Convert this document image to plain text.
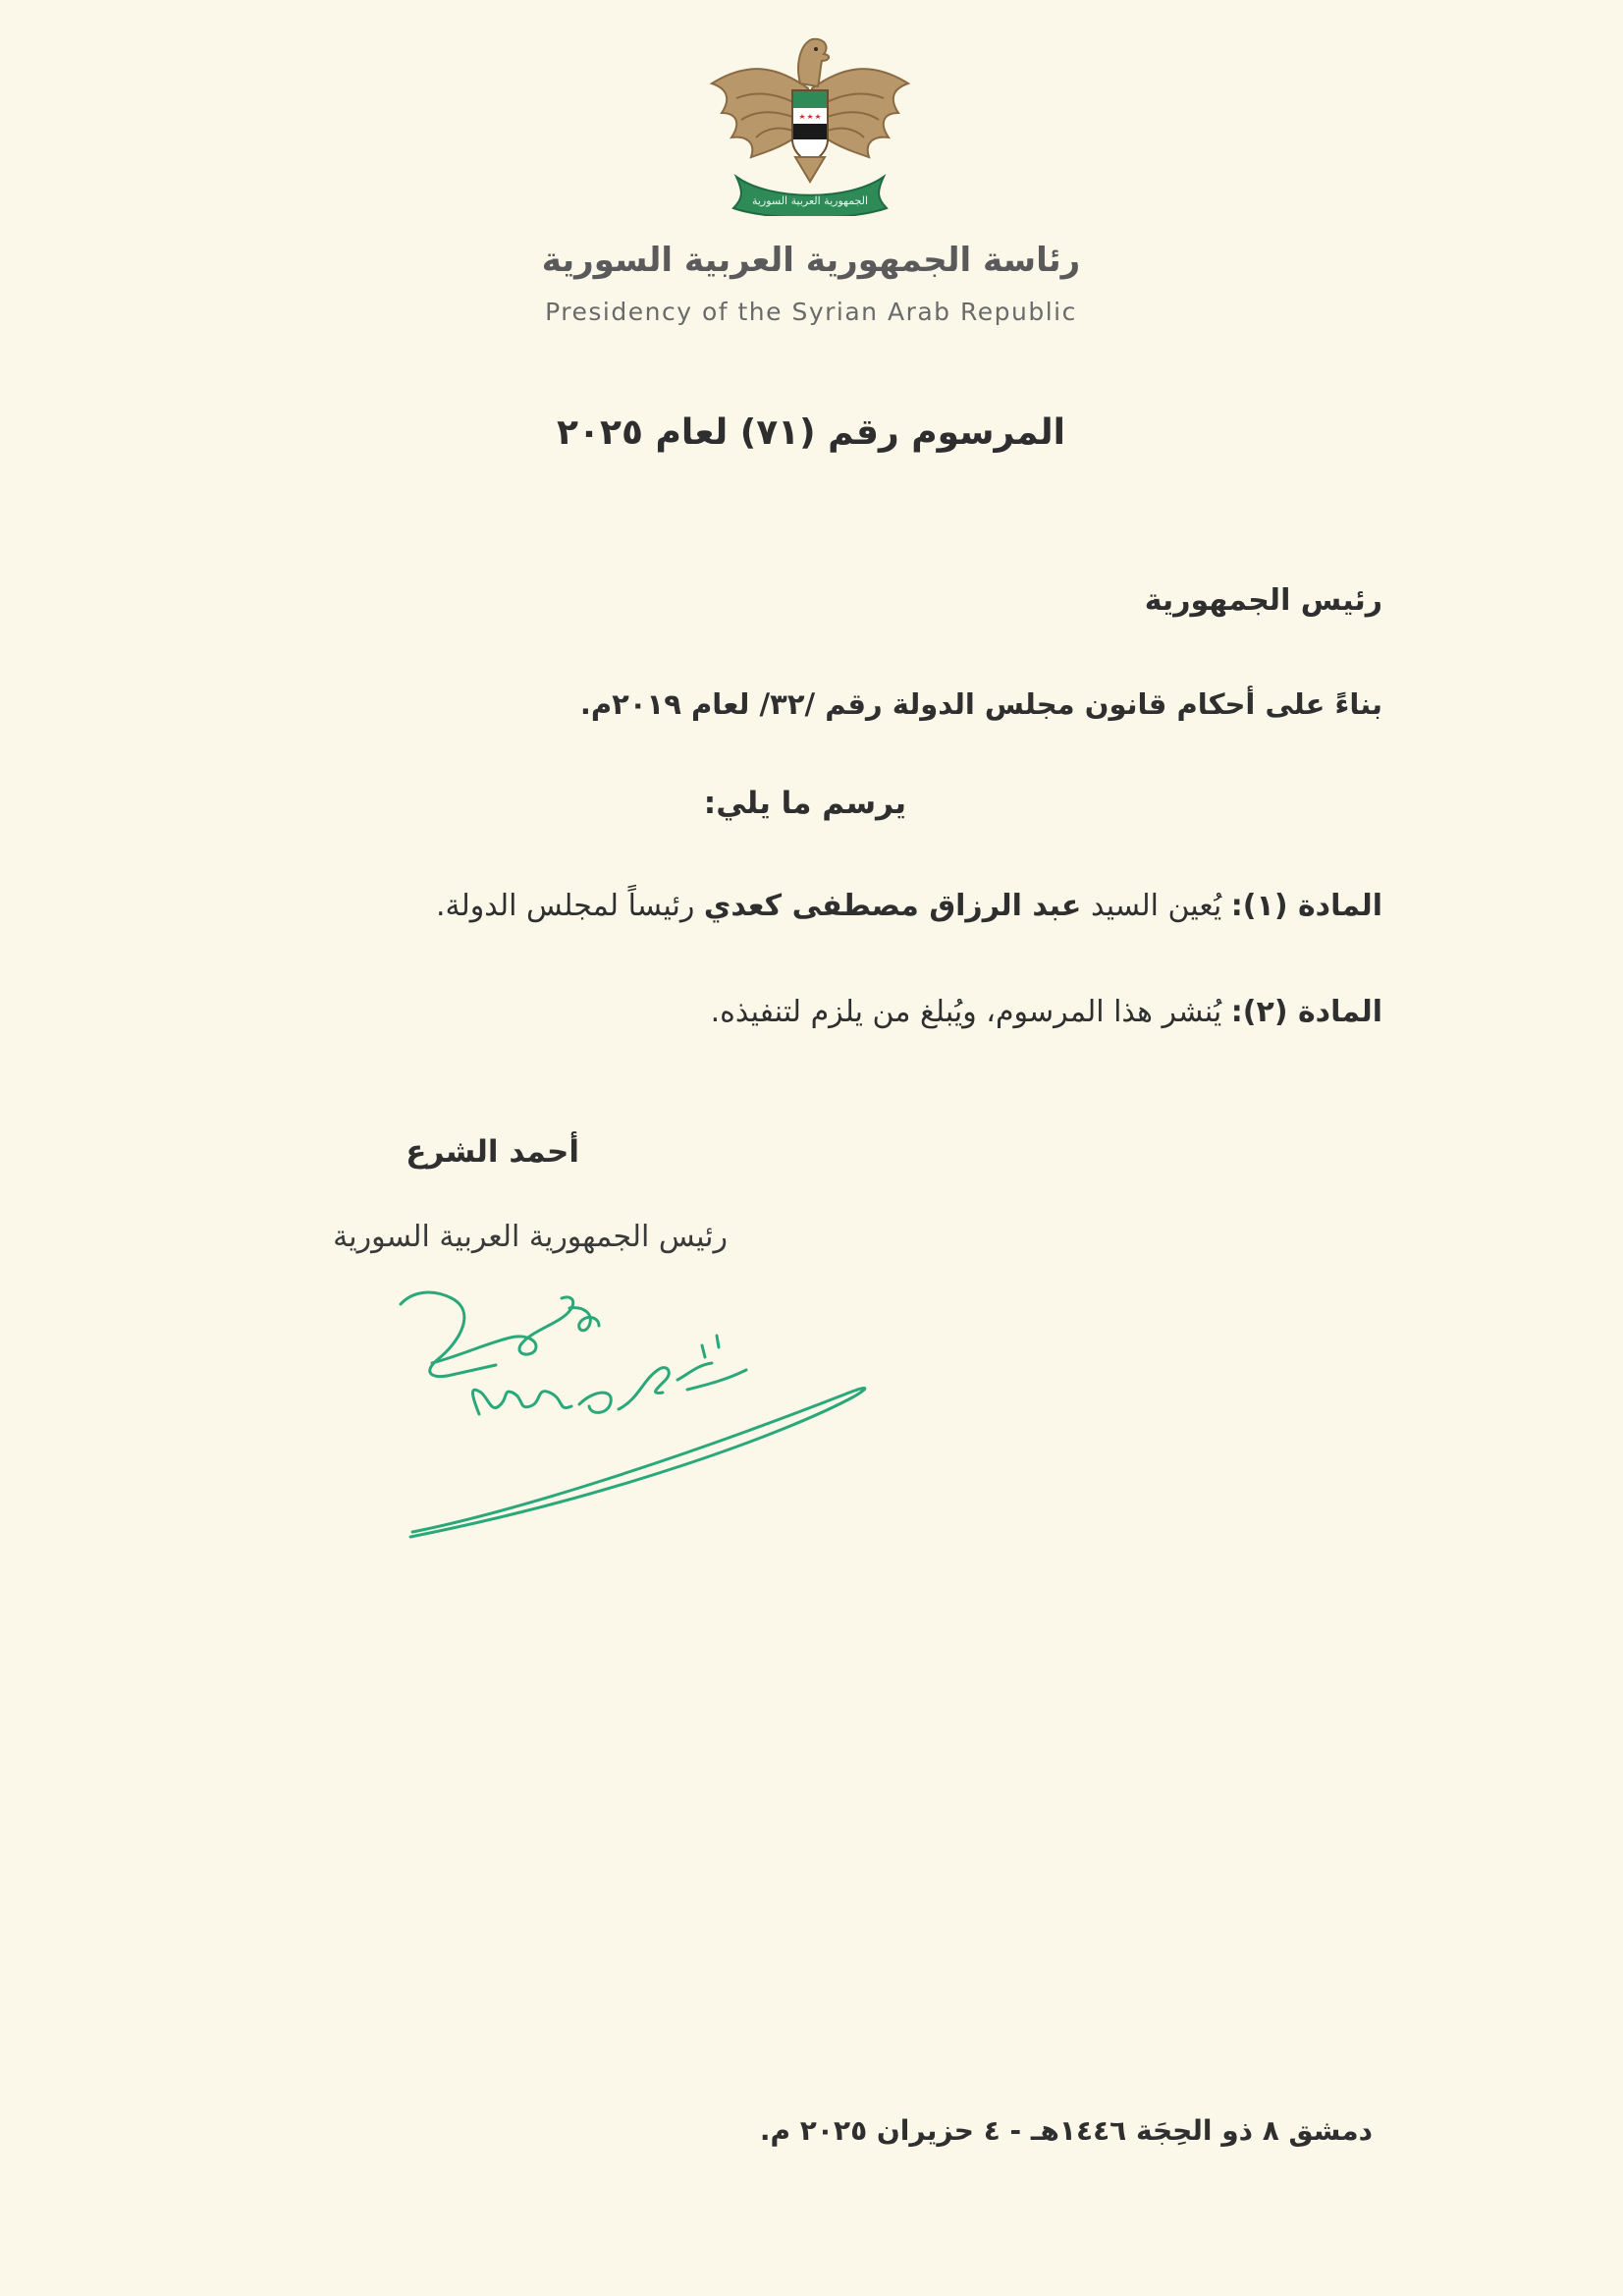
الجمهورية العربية السورية
رئاسة الجمهورية العربية السورية
Presidency of the Syrian Arab Republic
المرسوم رقم (٧١) لعام ٢٠٢٥
رئيس الجمهورية
بناءً على أحكام قانون مجلس الدولة رقم /٣٢/ لعام ٢٠١٩م.
يرسم ما يلي:
المادة (١): يُعين السيد عبد الرزاق مصطفى كعدي رئيساً لمجلس الدولة.
المادة (٢): يُنشر هذا المرسوم، ويُبلغ من يلزم لتنفيذه.
أحمد الشرع
رئيس الجمهورية العربية السورية
دمشق ٨ ذو الحِجَة ١٤٤٦هـ - ٤ حزيران ٢٠٢٥ م.
